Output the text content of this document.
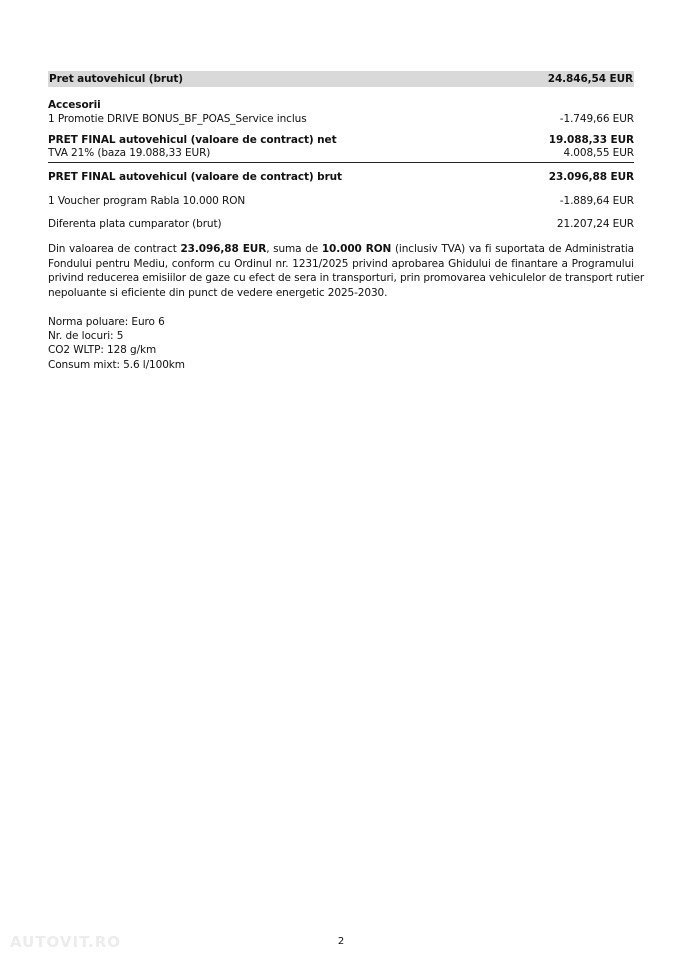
Pret autovehicul (brut)	24.846,54 EUR
Accesorii
1 Promotie DRIVE BONUS_BF_POAS_Service inclus	-1.749,66 EUR
PRET FINAL autovehicul (valoare de contract) net	19.088,33 EUR
TVA 21% (baza 19.088,33 EUR)	4.008,55 EUR
PRET FINAL autovehicul (valoare de contract) brut	23.096,88 EUR
1 Voucher program Rabla 10.000 RON	-1.889,64 EUR
Diferenta plata cumparator (brut)	21.207,24 EUR
Din valoarea de contract 23.096,88 EUR, suma de 10.000 RON (inclusiv TVA) va fi suportata de Administratia
Fondului pentru Mediu, conform cu Ordinul nr. 1231/2025 privind aprobarea Ghidului de finantare a Programului
privind reducerea emisiilor de gaze cu efect de sera in transporturi, prin promovarea vehiculelor de transport rutier
nepoluante si eficiente din punct de vedere energetic 2025-2030.
Norma poluare: Euro 6
Nr. de locuri: 5
CO2 WLTP: 128 g/km
Consum mixt: 5.6 l/100km
AUTOVIT.RO	2
